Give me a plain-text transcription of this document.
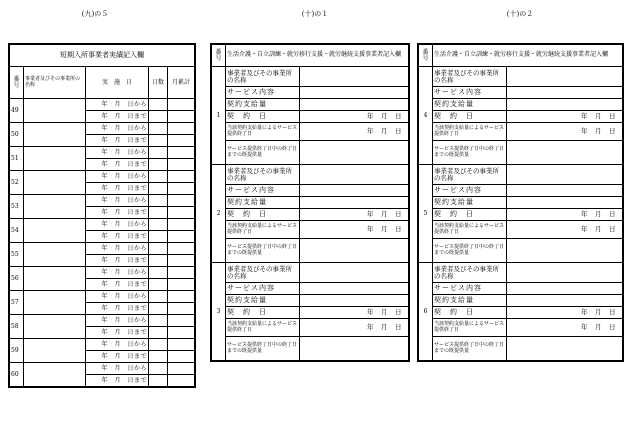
(九)の５	(十)の１	(十)の２
短期入所事業者実績記入欄				
番号	事業者及びその事業所の名称	実　施　日	日数	月累計
49		年　月　日から		
		年　月　日まで		
50		年　月　日から		
		年　月　日まで		
51		年　月　日から		
		年　月　日まで		
52		年　月　日から		
		年　月　日まで		
53		年　月　日から		
		年　月　日まで		
54		年　月　日から		
		年　月　日まで		
55		年　月　日から		
		年　月　日まで		
56		年　月　日から		
		年　月　日まで		
57		年　月　日から		
		年　月　日まで		
58		年　月　日から		
		年　月　日まで		
59		年　月　日から		
		年　月　日まで		
60		年　月　日から		
		年　月　日まで		
番号	生活介護・自立訓練・就労移行支援・就労継続支援事業者記入欄	
1	事業者及びその事業所の名称	
	サービス内容	
	契約支給量	
	契　約　日	年　月　日
	当該契約支給量によるサービス提供終了日	年　月　日
	サービス提供終了日中の終了日までの既提供量	
2	事業者及びその事業所の名称	
	サービス内容	
	契約支給量	
	契　約　日	年　月　日
	当該契約支給量によるサービス提供終了日	年　月　日
	サービス提供終了日中の終了日までの既提供量	
3	事業者及びその事業所の名称	
	サービス内容	
	契約支給量	
	契　約　日	年　月　日
	当該契約支給量によるサービス提供終了日	年　月　日
	サービス提供終了日中の終了日までの既提供量	
番号	生活介護・自立訓練・就労移行支援・就労継続支援事業者記入欄	
4	事業者及びその事業所の名称	
	サービス内容	
	契約支給量	
	契　約　日	年　月　日
	当該契約支給量によるサービス提供終了日	年　月　日
	サービス提供終了日中の終了日までの既提供量	
5	事業者及びその事業所の名称	
	サービス内容	
	契約支給量	
	契　約　日	年　月　日
	当該契約支給量によるサービス提供終了日	年　月　日
	サービス提供終了日中の終了日までの既提供量	
6	事業者及びその事業所の名称	
	サービス内容	
	契約支給量	
	契　約　日	年　月　日
	当該契約支給量によるサービス提供終了日	年　月　日
	サービス提供終了日中の終了日までの既提供量	
